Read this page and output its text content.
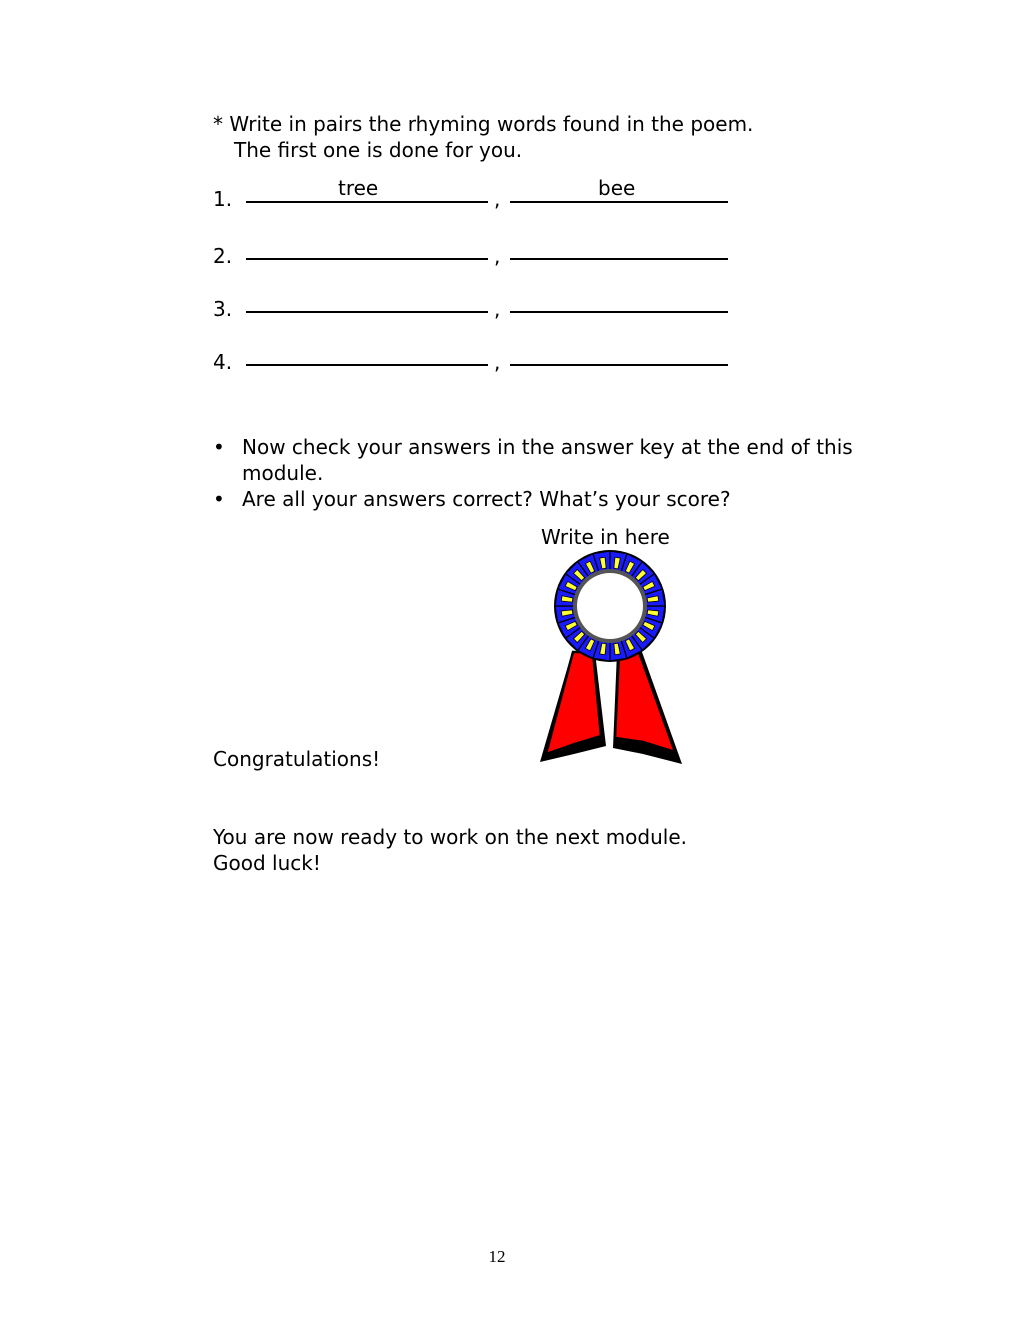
* Write in pairs the rhyming words found in the poem.
The first one is done for you.
1.	tree	,	bee
2.	,
3.	,
4.	,
• Now check your answers in the answer key at the end of this module.
• Are all your answers correct? What’s your score?
Write in here
Congratulations!
You are now ready to work on the next module.
Good luck!
12
